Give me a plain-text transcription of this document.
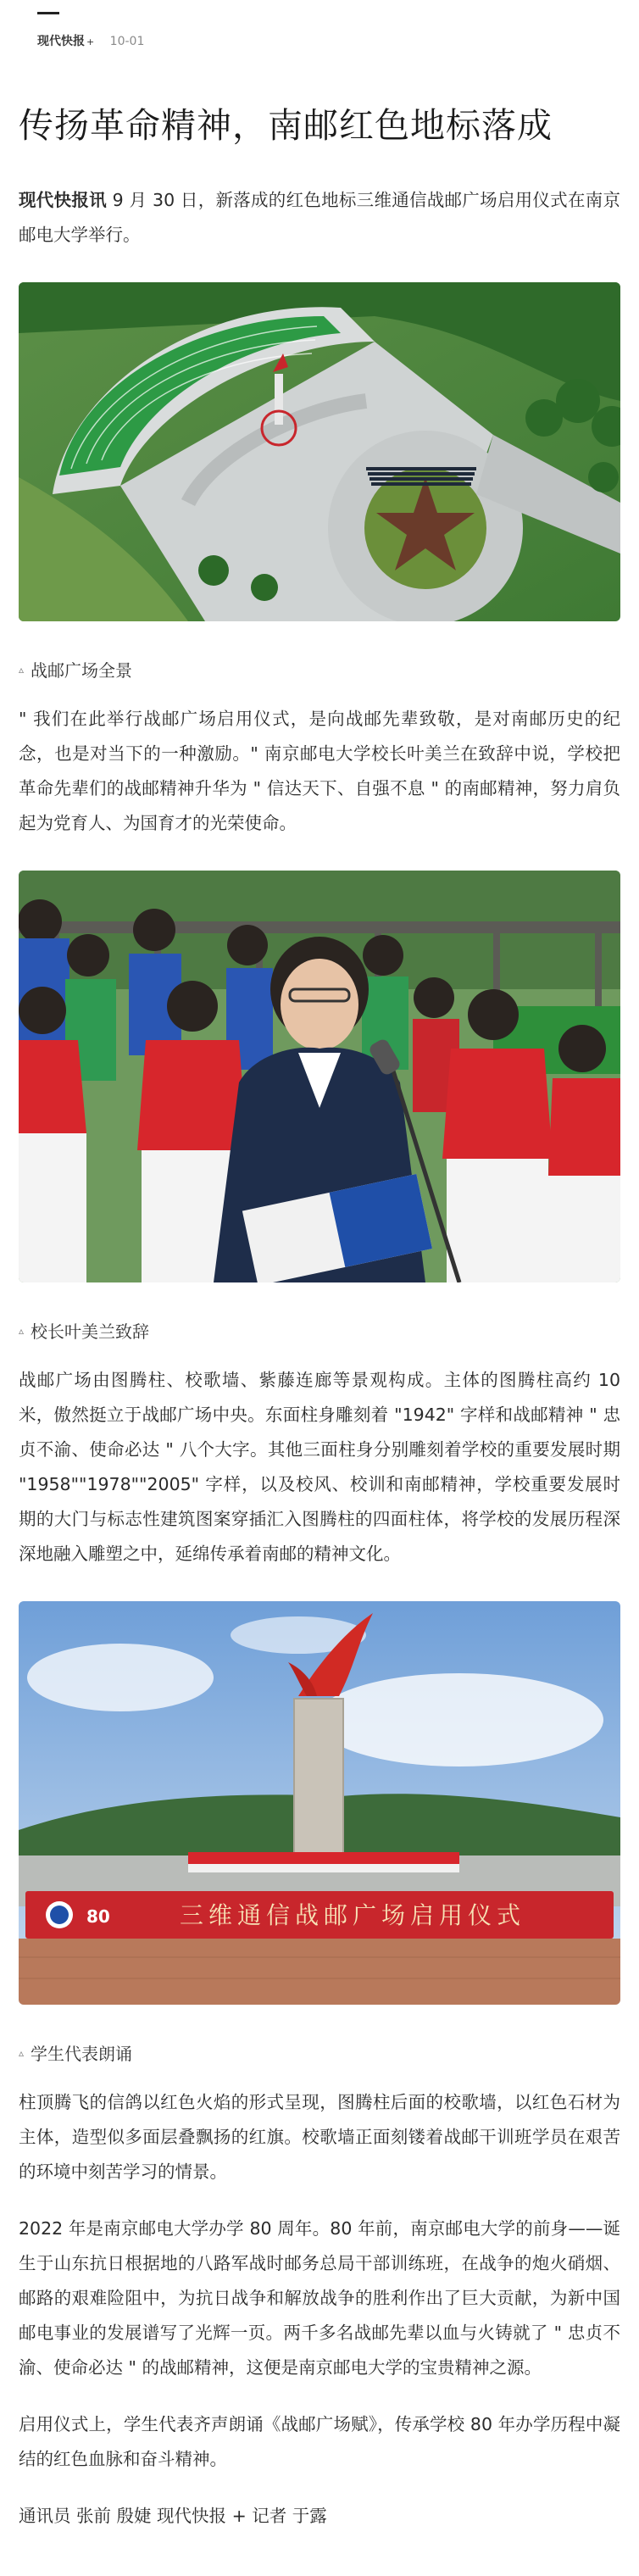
现代快报 + 10-01
传扬革命精神，南邮红色地标落成

现代快报讯 9 月 30 日，新落成的红色地标三维通信战邮广场启用仪式在南京邮电大学举行。

▵ 战邮广场全景

" 我们在此举行战邮广场启用仪式，是向战邮先辈致敬，是对南邮历史的纪念，也是对当下的一种激励。" 南京邮电大学校长叶美兰在致辞中说，学校把革命先辈们的战邮精神升华为 " 信达天下、自强不息 " 的南邮精神，努力肩负起为党育人、为国育才的光荣使命。

▵ 校长叶美兰致辞

战邮广场由图腾柱、校歌墙、紫藤连廊等景观构成。主体的图腾柱高约 10 米，傲然挺立于战邮广场中央。东面柱身雕刻着 "1942" 字样和战邮精神 " 忠贞不渝、使命必达 " 八个大字。其他三面柱身分别雕刻着学校的重要发展时期 "1958""1978""2005" 字样，以及校风、校训和南邮精神，学校重要发展时期的大门与标志性建筑图案穿插汇入图腾柱的四面柱体，将学校的发展历程深深地融入雕塑之中，延绵传承着南邮的精神文化。

80	三维通信战邮广场启用仪式
▵ 学生代表朗诵

柱顶腾飞的信鸽以红色火焰的形式呈现，图腾柱后面的校歌墙，以红色石材为主体，造型似多面层叠飘扬的红旗。校歌墙正面刻镂着战邮干训班学员在艰苦的环境中刻苦学习的情景。

2022 年是南京邮电大学办学 80 周年。80 年前，南京邮电大学的前身——诞生于山东抗日根据地的八路军战时邮务总局干部训练班，在战争的炮火硝烟、邮路的艰难险阻中，为抗日战争和解放战争的胜利作出了巨大贡献，为新中国邮电事业的发展谱写了光辉一页。两千多名战邮先辈以血与火铸就了 " 忠贞不渝、使命必达 " 的战邮精神，这便是南京邮电大学的宝贵精神之源。

启用仪式上，学生代表齐声朗诵《战邮广场赋》，传承学校 80 年办学历程中凝结的红色血脉和奋斗精神。

通讯员 张前 殷婕 现代快报 + 记者 于露
